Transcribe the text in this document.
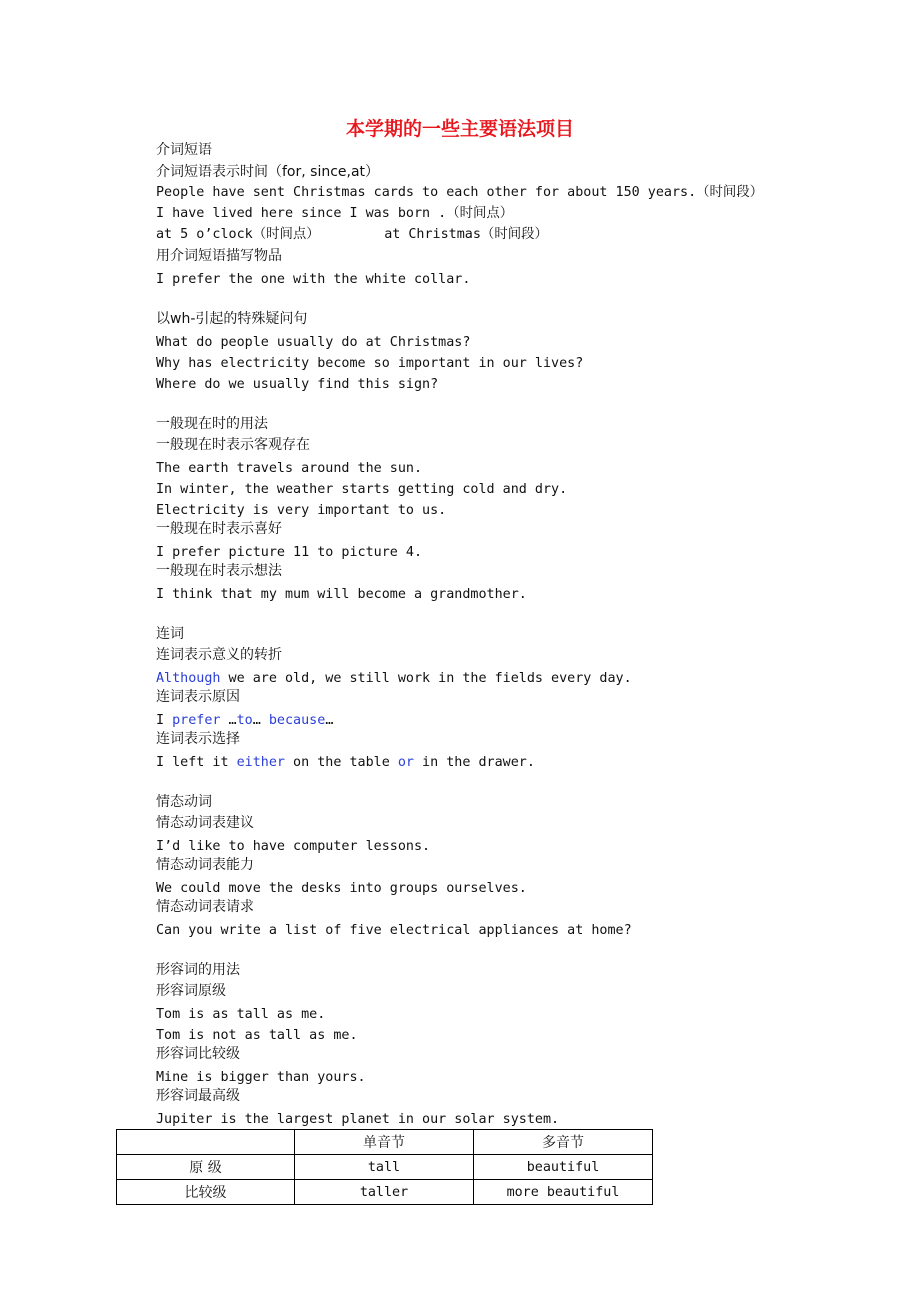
本学期的一些主要语法项目
介词短语
介词短语表示时间（for, since,at）
People have sent Christmas cards to each other for about 150 years.（时间段）
I have lived here since I was born .（时间点）
at 5 o’clock（时间点）        at Christmas（时间段）
用介词短语描写物品
I prefer the one with the white collar.
以wh-引起的特殊疑问句
What do people usually do at Christmas?
Why has electricity become so important in our lives?
Where do we usually find this sign?
一般现在时的用法
一般现在时表示客观存在
The earth travels around the sun.
In winter, the weather starts getting cold and dry.
Electricity is very important to us.
一般现在时表示喜好
I prefer picture 11 to picture 4.
一般现在时表示想法
I think that my mum will become a grandmother.
连词
连词表示意义的转折
Although we are old, we still work in the fields every day.
连词表示原因
I prefer …to… because…
连词表示选择
I left it either on the table or in the drawer.
情态动词
情态动词表建议
I’d like to have computer lessons.
情态动词表能力
We could move the desks into groups ourselves.
情态动词表请求
Can you write a list of five electrical appliances at home?
形容词的用法
形容词原级
Tom is as tall as me.
Tom is not as tall as me.
形容词比较级
Mine is bigger than yours.
形容词最高级
Jupiter is the largest planet in our solar system.
	单音节	多音节
原 级	tall	beautiful
比较级	taller	more beautiful
